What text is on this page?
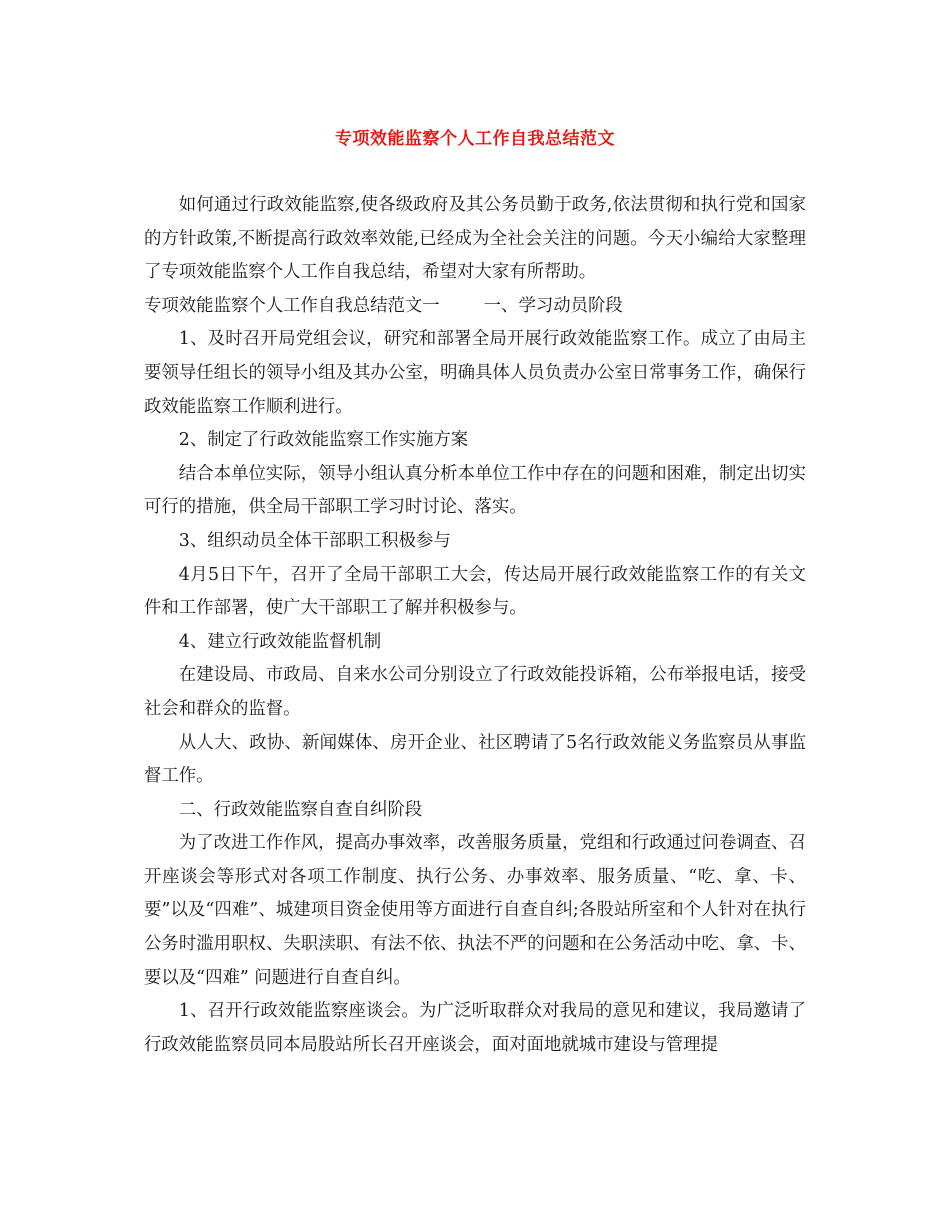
专项效能监察个人工作自我总结范文

如何通过行政效能监察,使各级政府及其公务员勤于政务,依法贯彻和执行党和国家的方针政策,不断提高行政效率效能,已经成为全社会关注的问题。今天小编给大家整理了专项效能监察个人工作自我总结，希望对大家有所帮助。

专项效能监察个人工作自我总结范文一	一、学习动员阶段

1、及时召开局党组会议，研究和部署全局开展行政效能监察工作。成立了由局主要领导任组长的领导小组及其办公室，明确具体人员负责办公室日常事务工作，确保行政效能监察工作顺利进行。

2、制定了行政效能监察工作实施方案

结合本单位实际，领导小组认真分析本单位工作中存在的问题和困难，制定出切实可行的措施，供全局干部职工学习时讨论、落实。

3、组织动员全体干部职工积极参与

4月5日下午，召开了全局干部职工大会，传达局开展行政效能监察工作的有关文件和工作部署，使广大干部职工了解并积极参与。

4、建立行政效能监督机制

在建设局、市政局、自来水公司分别设立了行政效能投诉箱，公布举报电话，接受社会和群众的监督。

从人大、政协、新闻媒体、房开企业、社区聘请了5名行政效能义务监察员从事监督工作。

二、行政效能监察自查自纠阶段

为了改进工作作风，提高办事效率，改善服务质量，党组和行政通过问卷调查、召开座谈会等形式对各项工作制度、执行公务、办事效率、服务质量、“吃、拿、卡、要”以及“四难”、城建项目资金使用等方面进行自查自纠;各股站所室和个人针对在执行公务时滥用职权、失职渎职、有法不依、执法不严的问题和在公务活动中吃、拿、卡、要以及“四难” 问题进行自查自纠。

1、召开行政效能监察座谈会。为广泛听取群众对我局的意见和建议，我局邀请了行政效能监察员同本局股站所长召开座谈会，面对面地就城市建设与管理提
